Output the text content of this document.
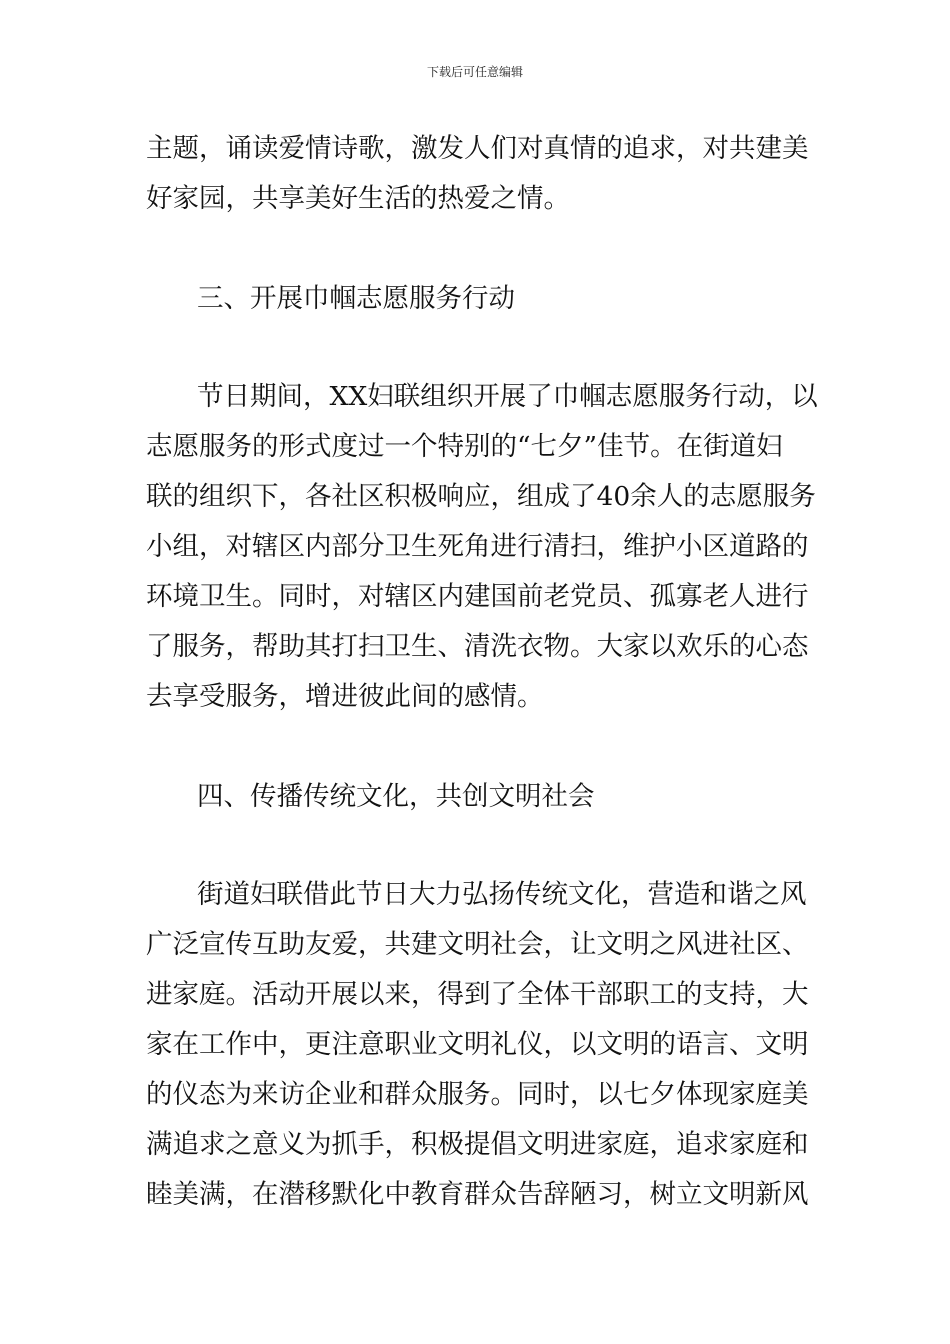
下载后可任意编辑
主题，诵读爱情诗歌，激发人们对真情的追求，对共建美
好家园，共享美好生活的热爱之情。
三、开展巾帼志愿服务行动
节日期间，XX妇联组织开展了巾帼志愿服务行动，以
志愿服务的形式度过一个特别的“七夕”佳节。在街道妇
联的组织下，各社区积极响应，组成了40余人的志愿服务
小组，对辖区内部分卫生死角进行清扫，维护小区道路的
环境卫生。同时，对辖区内建国前老党员、孤寡老人进行
了服务，帮助其打扫卫生、清洗衣物。大家以欢乐的心态
去享受服务，增进彼此间的感情。
四、传播传统文化，共创文明社会
街道妇联借此节日大力弘扬传统文化，营造和谐之风
广泛宣传互助友爱，共建文明社会，让文明之风进社区、
进家庭。活动开展以来，得到了全体干部职工的支持，大
家在工作中，更注意职业文明礼仪，以文明的语言、文明
的仪态为来访企业和群众服务。同时，以七夕体现家庭美
满追求之意义为抓手，积极提倡文明进家庭，追求家庭和
睦美满，在潜移默化中教育群众告辞陋习，树立文明新风
